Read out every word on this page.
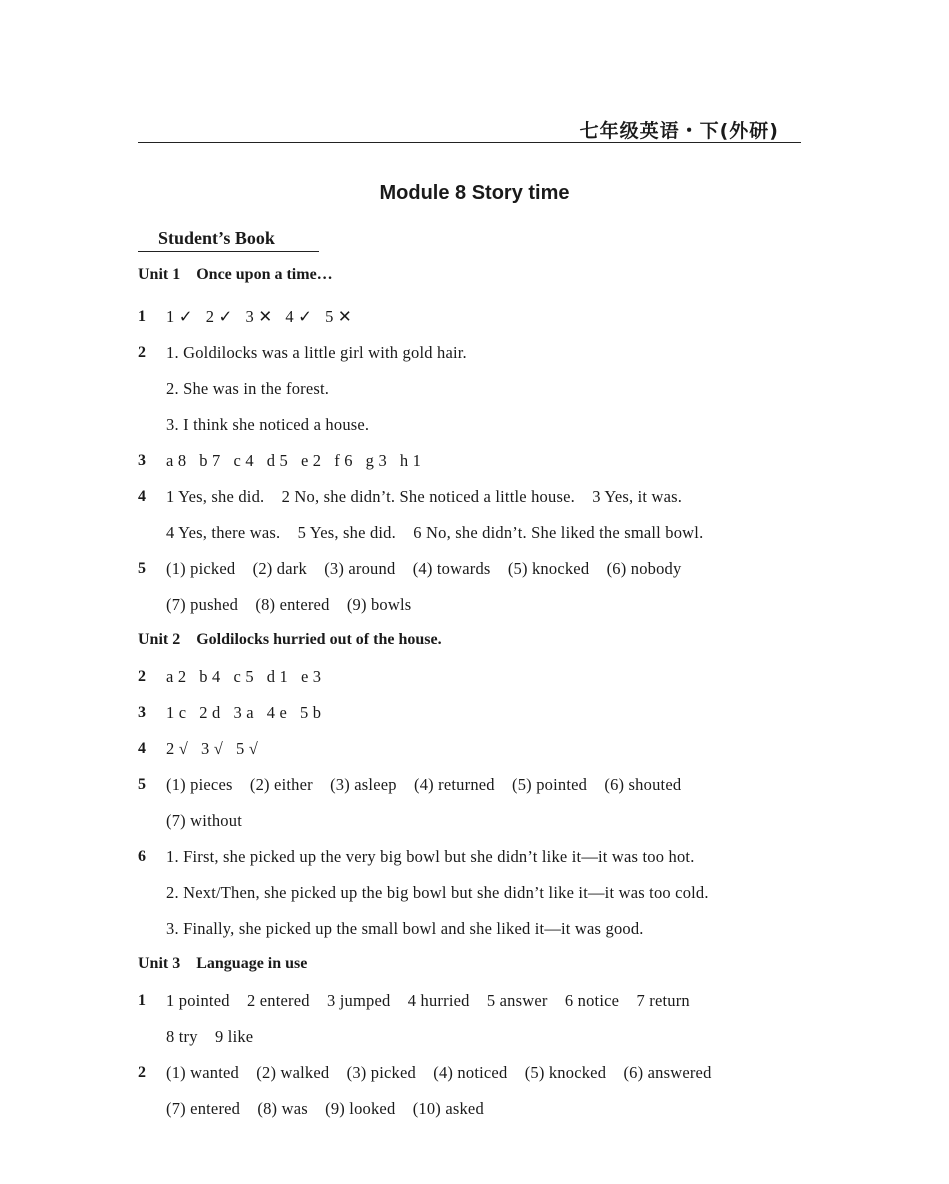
七年级英语・下(外研)
Module 8 Story time
Student’s Book
Unit 1    Once upon a time…
1 1 ✓   2 ✓   3 ✕   4 ✓   5 ✕
2 1. Goldilocks was a little girl with gold hair.
2. She was in the forest.
3. I think she noticed a house.
3 a 8   b 7   c 4   d 5   e 2   f 6   g 3   h 1
4 1 Yes, she did.    2 No, she didn’t. She noticed a little house.    3 Yes, it was.
4 Yes, there was.    5 Yes, she did.    6 No, she didn’t. She liked the small bowl.
5 (1) picked    (2) dark    (3) around    (4) towards    (5) knocked    (6) nobody
(7) pushed    (8) entered    (9) bowls
Unit 2    Goldilocks hurried out of the house.
2 a 2   b 4   c 5   d 1   e 3
3 1 c   2 d   3 a   4 e   5 b
4 2 √   3 √   5 √
5 (1) pieces    (2) either    (3) asleep    (4) returned    (5) pointed    (6) shouted
(7) without
6 1. First, she picked up the very big bowl but she didn’t like it—it was too hot.
2. Next/Then, she picked up the big bowl but she didn’t like it—it was too cold.
3. Finally, she picked up the small bowl and she liked it—it was good.
Unit 3    Language in use
1 1 pointed    2 entered    3 jumped    4 hurried    5 answer    6 notice    7 return
8 try    9 like
2 (1) wanted    (2) walked    (3) picked    (4) noticed    (5) knocked    (6) answered
(7) entered    (8) was    (9) looked    (10) asked
